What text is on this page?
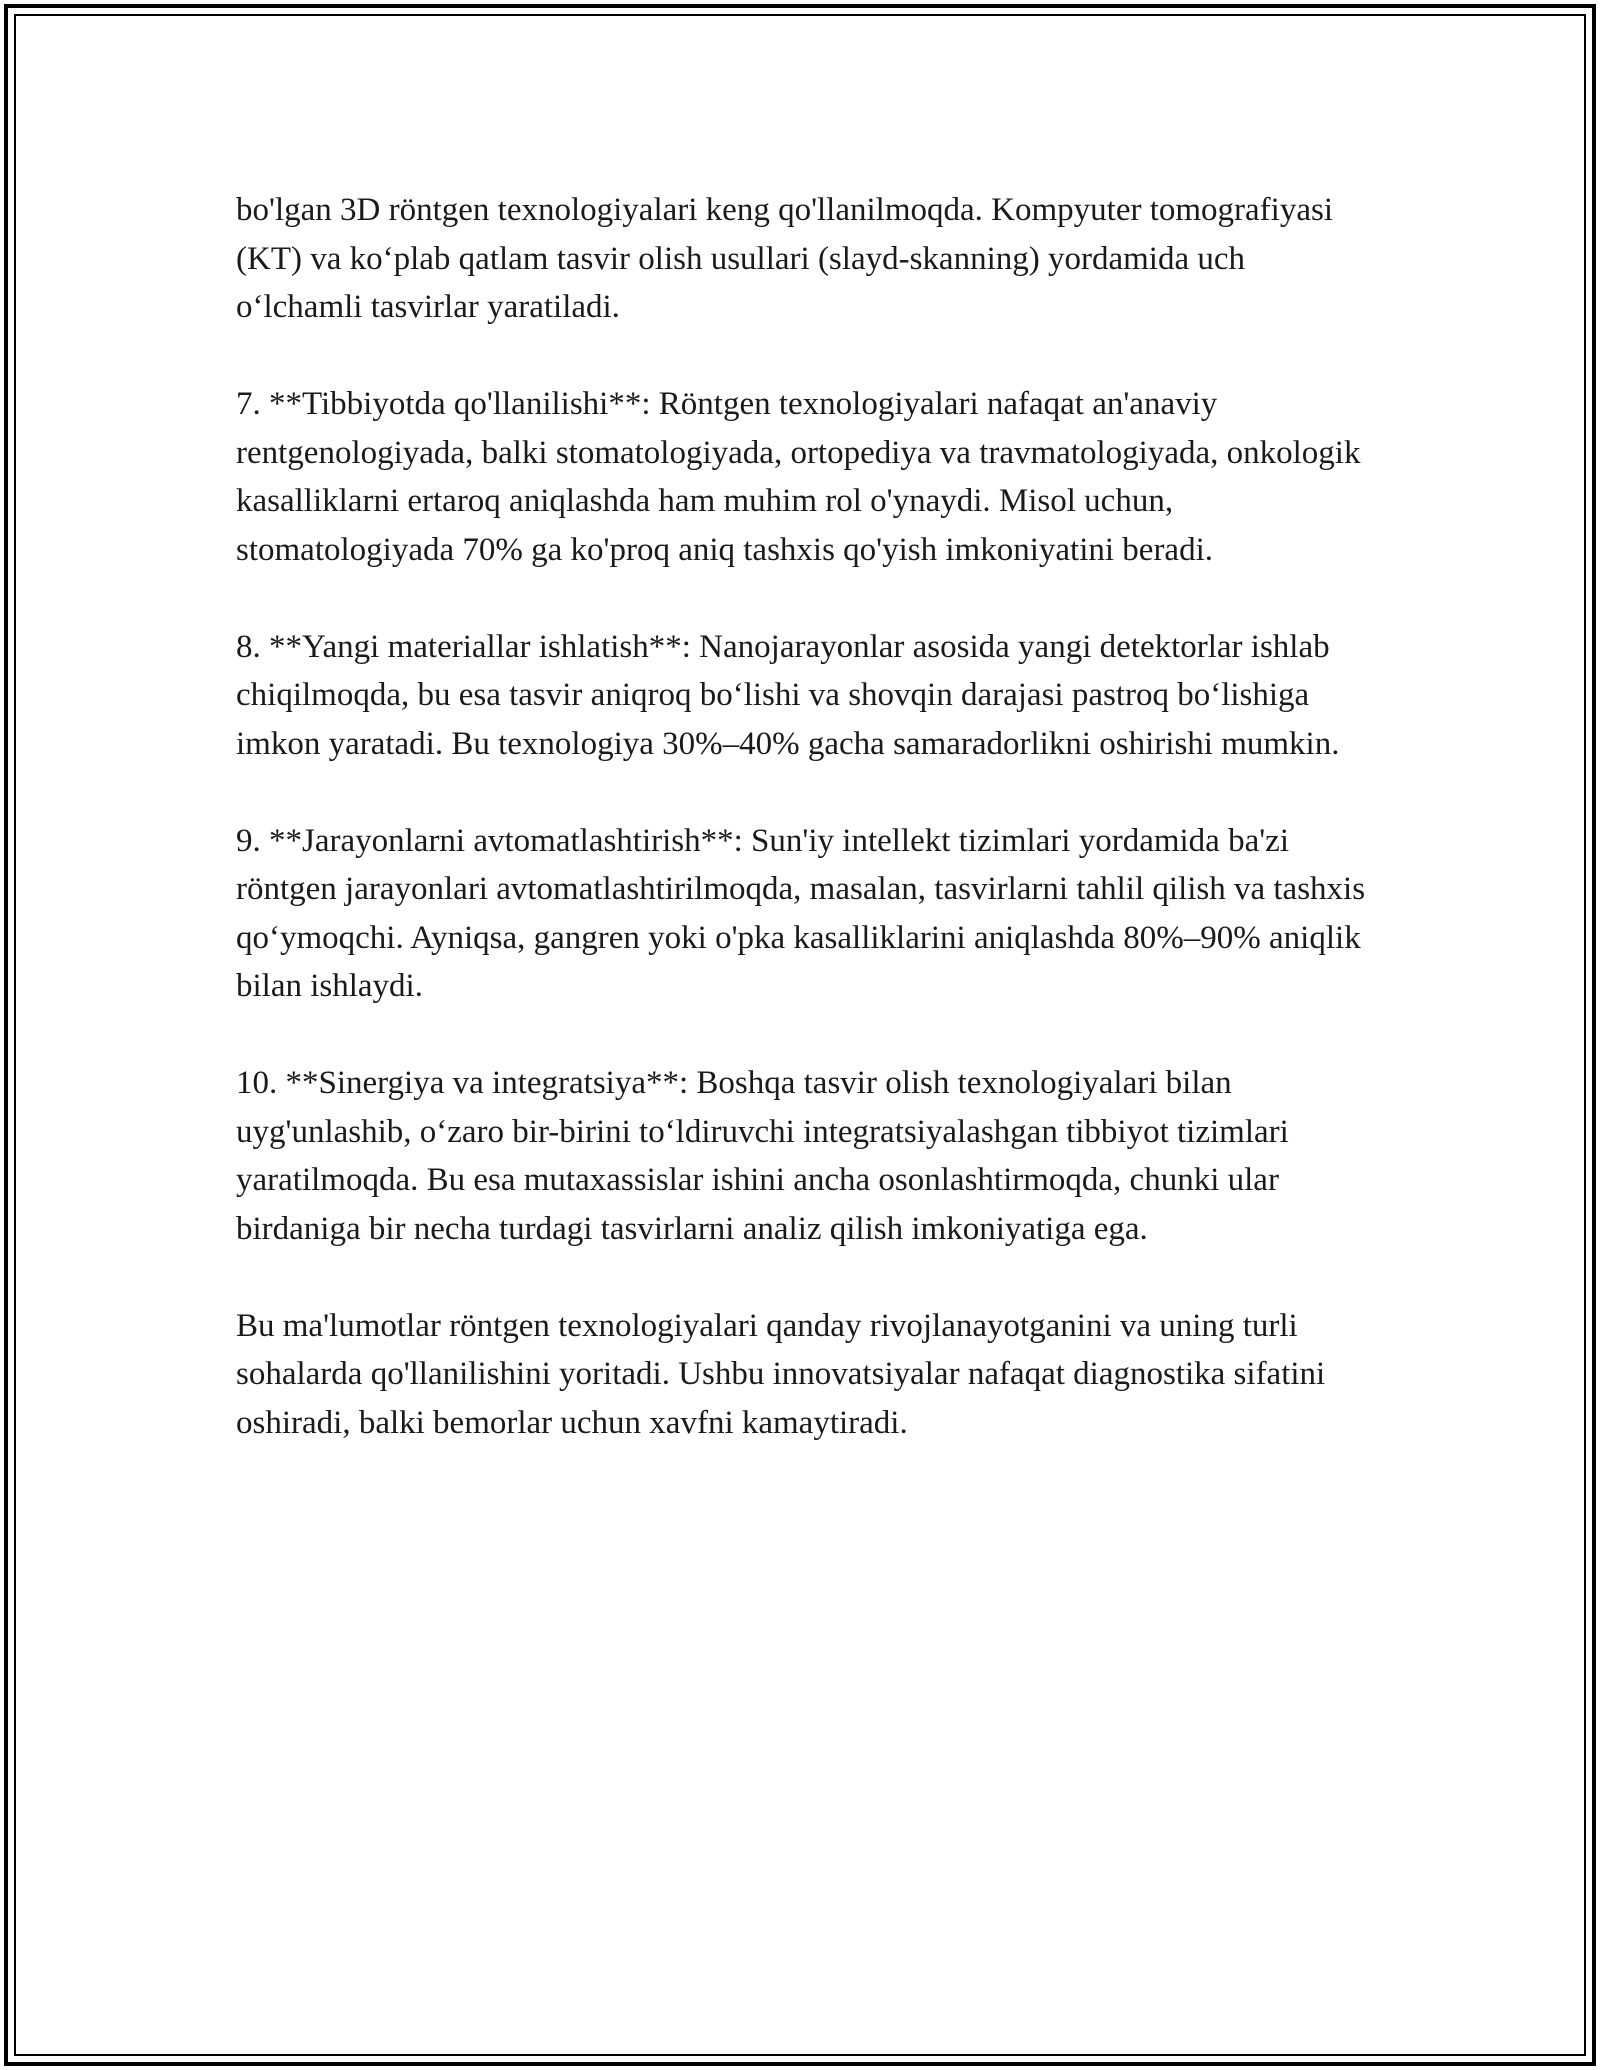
bo'lgan 3D röntgen texnologiyalari keng qo'llanilmoqda. Kompyuter tomografiyasi (KT) va koʻplab qatlam tasvir olish usullari (slayd-skanning) yordamida uch oʻlchamli tasvirlar yaratiladi.

7. **Tibbiyotda qo'llanilishi**: Röntgen texnologiyalari nafaqat an'anaviy rentgenologiyada, balki stomatologiyada, ortopediya va travmatologiyada, onkologik kasalliklarni ertaroq aniqlashda ham muhim rol o'ynaydi. Misol uchun, stomatologiyada 70% ga ko'proq aniq tashxis qo'yish imkoniyatini beradi.

8. **Yangi materiallar ishlatish**: Nanojarayonlar asosida yangi detektorlar ishlab chiqilmoqda, bu esa tasvir aniqroq boʻlishi va shovqin darajasi pastroq boʻlishiga imkon yaratadi. Bu texnologiya 30%–40% gacha samaradorlikni oshirishi mumkin.

9. **Jarayonlarni avtomatlashtirish**: Sun'iy intellekt tizimlari yordamida ba'zi röntgen jarayonlari avtomatlashtirilmoqda, masalan, tasvirlarni tahlil qilish va tashxis qoʻymoqchi. Ayniqsa, gangren yoki o'pka kasalliklarini aniqlashda 80%–90% aniqlik bilan ishlaydi.

10. **Sinergiya va integratsiya**: Boshqa tasvir olish texnologiyalari bilan uyg'unlashib, oʻzaro bir-birini toʻldiruvchi integratsiyalashgan tibbiyot tizimlari yaratilmoqda. Bu esa mutaxassislar ishini ancha osonlashtirmoqda, chunki ular birdaniga bir necha turdagi tasvirlarni analiz qilish imkoniyatiga ega.

Bu ma'lumotlar röntgen texnologiyalari qanday rivojlanayotganini va uning turli sohalarda qo'llanilishini yoritadi. Ushbu innovatsiyalar nafaqat diagnostika sifatini oshiradi, balki bemorlar uchun xavfni kamaytiradi.
